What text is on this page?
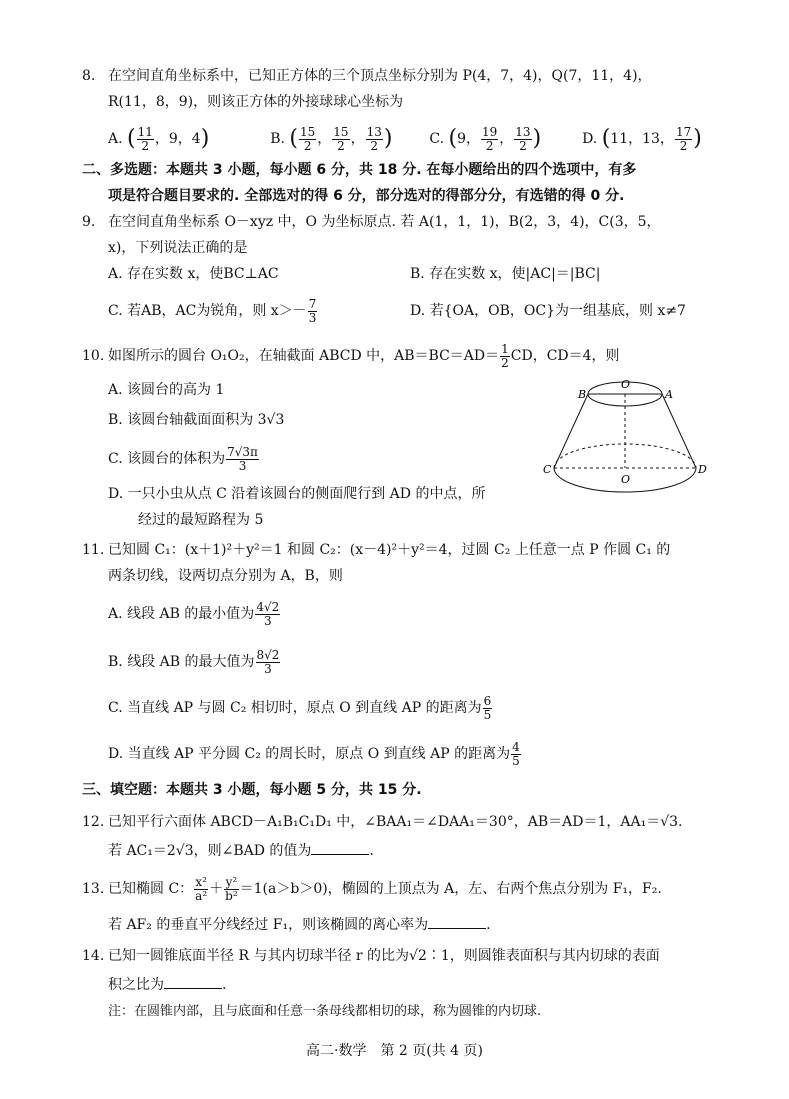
8. 在空间直角坐标系中，已知正方体的三个顶点坐标分别为 P(4，7，4)，Q(7，11，4)，
R(11，8，9)，则该正方体的外接球球心坐标为
A. ( $\frac{11}{2}$ ，9，4)	B. ( $\frac{15}{2}$ ， $\frac{15}{2}$ ， $\frac{13}{2}$ )	C. (9， $\frac{19}{2}$ ， $\frac{13}{2}$ )	D. (11，13， $\frac{17}{2}$ )
二、多选题：本题共 3 小题，每小题 6 分，共 18 分. 在每小题给出的四个选项中，有多
项是符合题目要求的. 全部选对的得 6 分，部分选对的得部分分，有选错的得 0 分.
9. 在空间直角坐标系 O－xyz 中，O 为坐标原点. 若 A(1，1，1)，B(2，3，4)，C(3，5，
x)，下列说法正确的是
A. 存在实数 x，使BC⊥AC	B. 存在实数 x，使|AC|＝|BC|
C. 若AB，AC为锐角，则 $x>- \frac{7}{3}$	D. 若{OA，OB，OC}为一组基底，则 x≠7
10. 如图所示的圆台 O₁O₂，在轴截面 ABCD 中，$AB=BC=AD= \frac{1}{2}$ CD，CD＝4，则
A. 该圆台的高为 1
B. 该圆台轴截面面积为 3√3
C. 该圆台的体积为 $\frac{7√3\pi}{3}$
D. 一只小虫从点 C 沿着该圆台的侧面爬行到 AD 的中点，所
经过的最短路程为 5
O
A
B
C	D
O
11. 已知圆 C₁：(x＋1)²＋y²＝1 和圆 C₂：(x－4)²＋y²＝4，过圆 C₂ 上任意一点 P 作圆 C₁ 的
两条切线，设两切点分别为 A，B，则
A. 线段 AB 的最小值为 $\frac{4√2}{3}$
B. 线段 AB 的最大值为 $\frac{8√2}{3}$
C. 当直线 AP 与圆 C₂ 相切时，原点 O 到直线 AP 的距离为 $\frac{6}{5}$
D. 当直线 AP 平分圆 C₂ 的周长时，原点 O 到直线 AP 的距离为 $\frac{4}{5}$
三、填空题：本题共 3 小题，每小题 5 分，共 15 分.
12. 已知平行六面体 ABCD－A₁B₁C₁D₁ 中，∠BAA₁＝∠DAA₁＝30°，AB＝AD＝1，AA₁＝√3.
若 AC₁＝2√3，则∠BAD 的值为	.
13. 已知椭圆 C： $\frac{\text{x²}}{\text{a²}} + \frac{\text{y²}}{\text{b²}} =1(a>b>0)$，椭圆的上顶点为 A，左、右两个焦点分别为 F₁，F₂.
若 AF₂ 的垂直平分线经过 F₁，则该椭圆的离心率为	.
14. 已知一圆锥底面半径 R 与其内切球半径 r 的比为√2∶1，则圆锥表面积与其内切球的表面
积之比为	.
注：在圆锥内部，且与底面和任意一条母线都相切的球，称为圆锥的内切球.
高二·数学　第 2 页(共 4 页)
